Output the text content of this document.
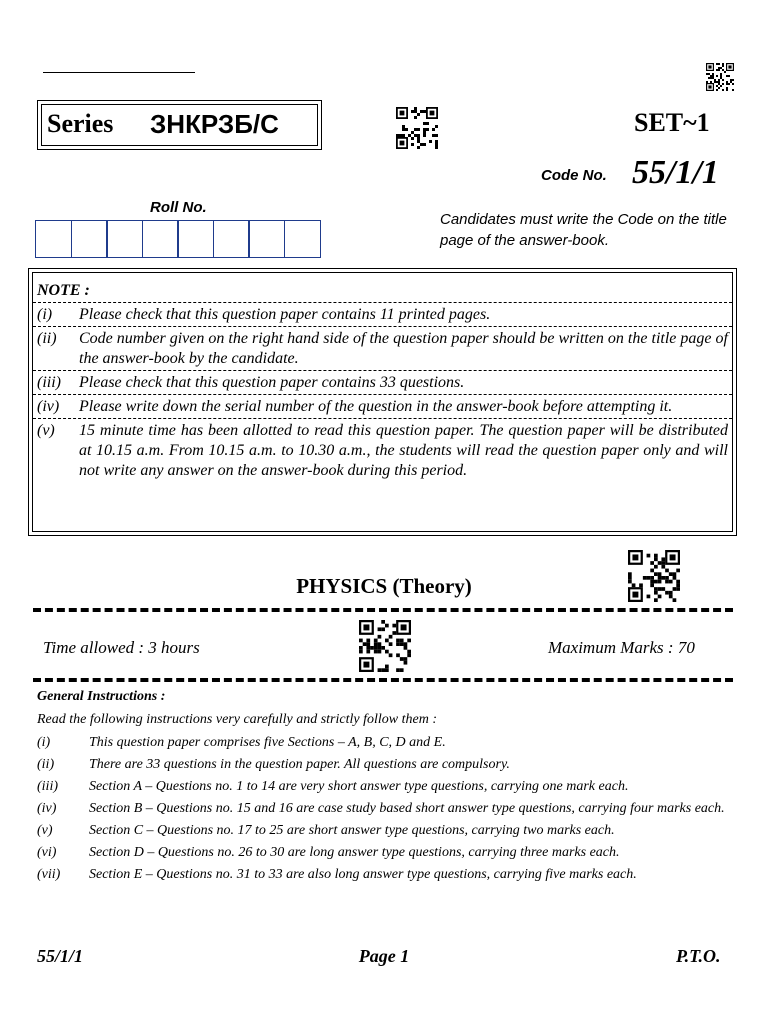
Series ЗНКРЗБ/С	SET~1
Code No. 55/1/1
Roll No.
Candidates must write the Code on the title page of the answer-book.
NOTE :
(i)	Please check that this question paper contains 11 printed pages.
(ii)	Code number given on the right hand side of the question paper should be written on the title page of the answer-book by the candidate.
(iii)	Please check that this question paper contains 33 questions.
(iv)	Please write down the serial number of the question in the answer-book before attempting it.
(v)	15 minute time has been allotted to read this question paper. The question paper will be distributed at 10.15 a.m. From 10.15 a.m. to 10.30 a.m., the students will read the question paper only and will not write any answer on the answer-book during this period.
PHYSICS (Theory)
Time allowed : 3 hours	Maximum Marks : 70
General Instructions :
Read the following instructions very carefully and strictly follow them :
(i)	This question paper comprises five Sections – A, B, C, D and E.
(ii)	There are 33 questions in the question paper. All questions are compulsory.
(iii)	Section A – Questions no. 1 to 14 are very short answer type questions, carrying one mark each.
(iv)	Section B – Questions no. 15 and 16 are case study based short answer type questions, carrying four marks each.
(v)	Section C – Questions no. 17 to 25 are short answer type questions, carrying two marks each.
(vi)	Section D – Questions no. 26 to 30 are long answer type questions, carrying three marks each.
(vii)	Section E – Questions no. 31 to 33 are also long answer type questions, carrying five marks each.
55/1/1	Page 1	P.T.O.
